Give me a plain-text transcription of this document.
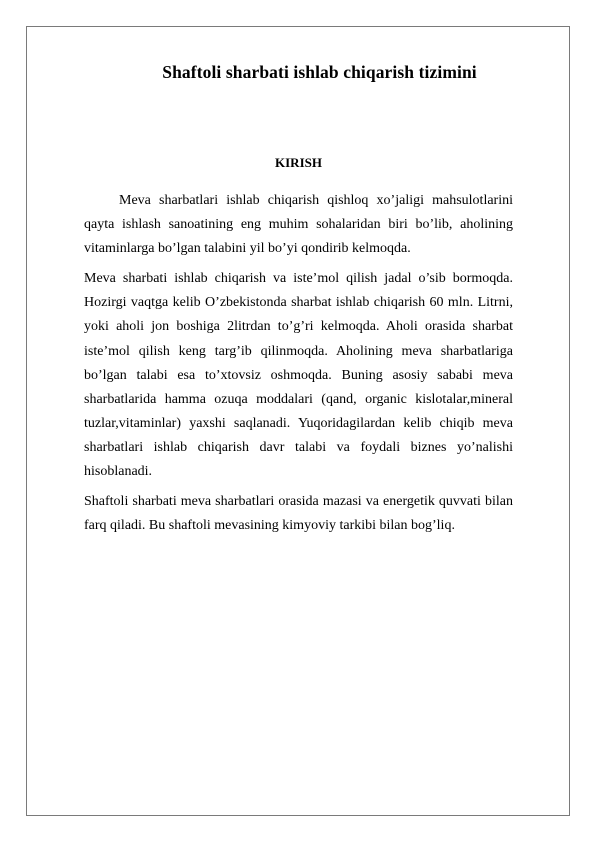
Shaftoli sharbati ishlab chiqarish tizimini
KIRISH

Meva sharbatlari ishlab chiqarish qishloq xo’jaligi mahsulotlarini qayta ishlash sanoatining eng muhim sohalaridan biri bo’lib, aholining vitaminlarga bo’lgan talabini yil bo’yi qondirib kelmoqda.

Meva sharbati ishlab chiqarish va iste’mol qilish jadal o’sib bormoqda. Hozirgi vaqtga kelib O’zbekistonda sharbat ishlab chiqarish 60 mln. Litrni, yoki aholi jon boshiga 2litrdan to’g’ri kelmoqda. Aholi orasida sharbat iste’mol qilish keng targ’ib qilinmoqda. Aholining meva sharbatlariga bo’lgan talabi esa to’xtovsiz oshmoqda. Buning asosiy sababi meva sharbatlarida hamma ozuqa moddalari (qand, organic kislotalar,mineral tuzlar,vitaminlar) yaxshi saqlanadi. Yuqoridagilardan kelib chiqib meva sharbatlari ishlab chiqarish davr talabi va foydali biznes yo’nalishi hisoblanadi.

Shaftoli sharbati meva sharbatlari orasida mazasi va energetik quvvati bilan farq qiladi. Bu shaftoli mevasining kimyoviy tarkibi bilan bog’liq.
